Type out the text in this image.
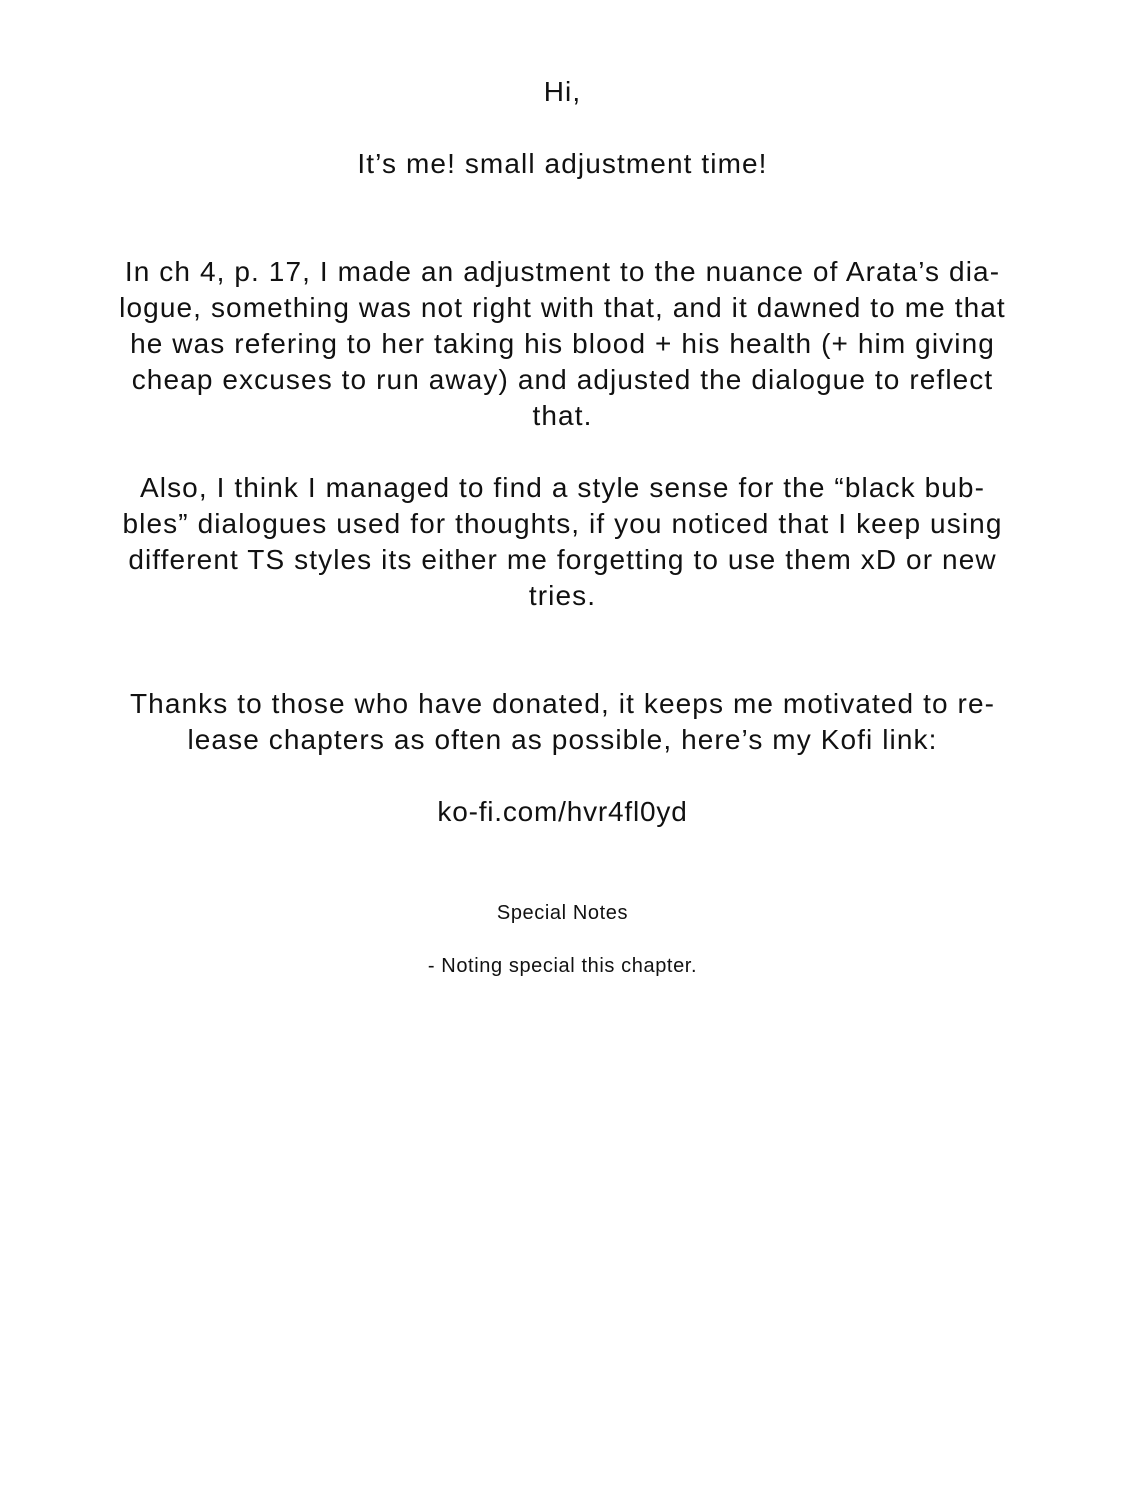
Hi,

It’s me! small adjustment time!

In ch 4, p. 17, I made an adjustment to the nuance of Arata’s dia-

logue, something was not right with that, and it dawned to me that

he was refering to her taking his blood + his health (+ him giving

cheap excuses to run away) and adjusted the dialogue to reflect

that.

Also, I think I managed to find a style sense for the “black bub-

bles” dialogues used for thoughts, if you noticed that I keep using

different TS styles its either me forgetting to use them xD or new

tries.

Thanks to those who have donated, it keeps me motivated to re-

lease chapters as often as possible, here’s my Kofi link:

ko-fi.com/hvr4fl0yd

Special Notes

- Noting special this chapter.
